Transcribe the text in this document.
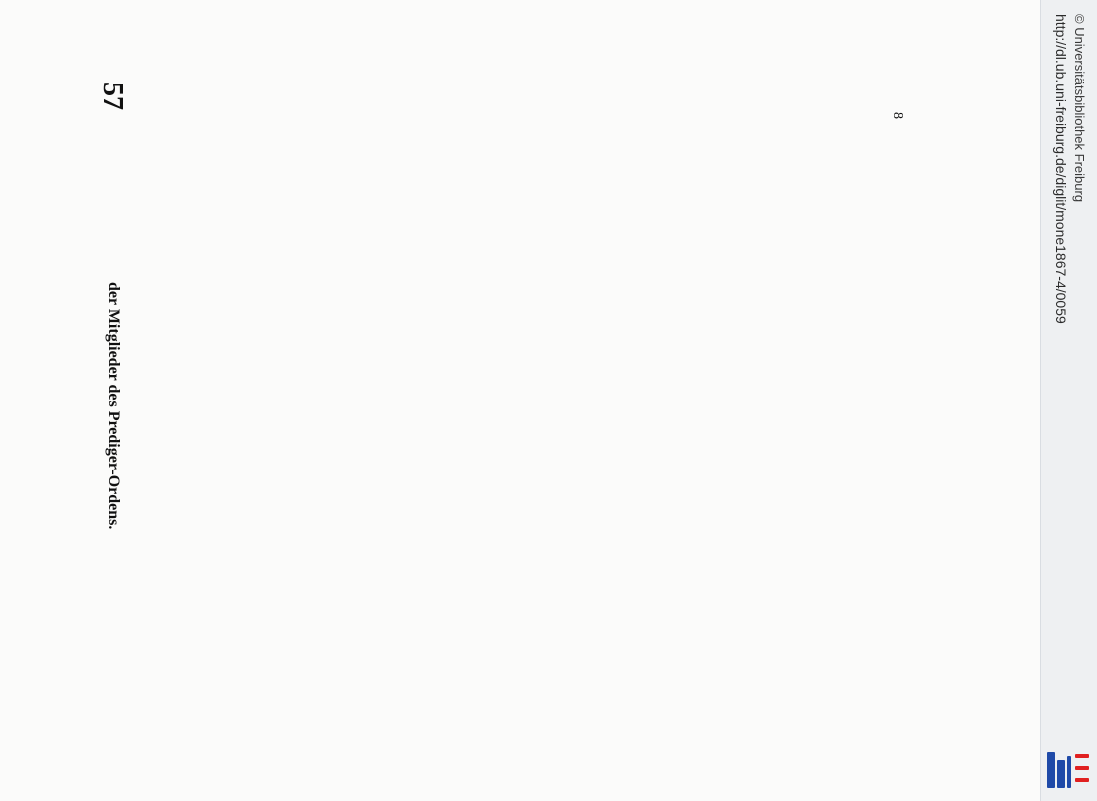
57
der Mitglieder des Prediger-Ordens.
8	http://dl.ub.uni-freiburg.de/diglit/mone1867-4/0059 © Universitätsbibliothek Freiburg
